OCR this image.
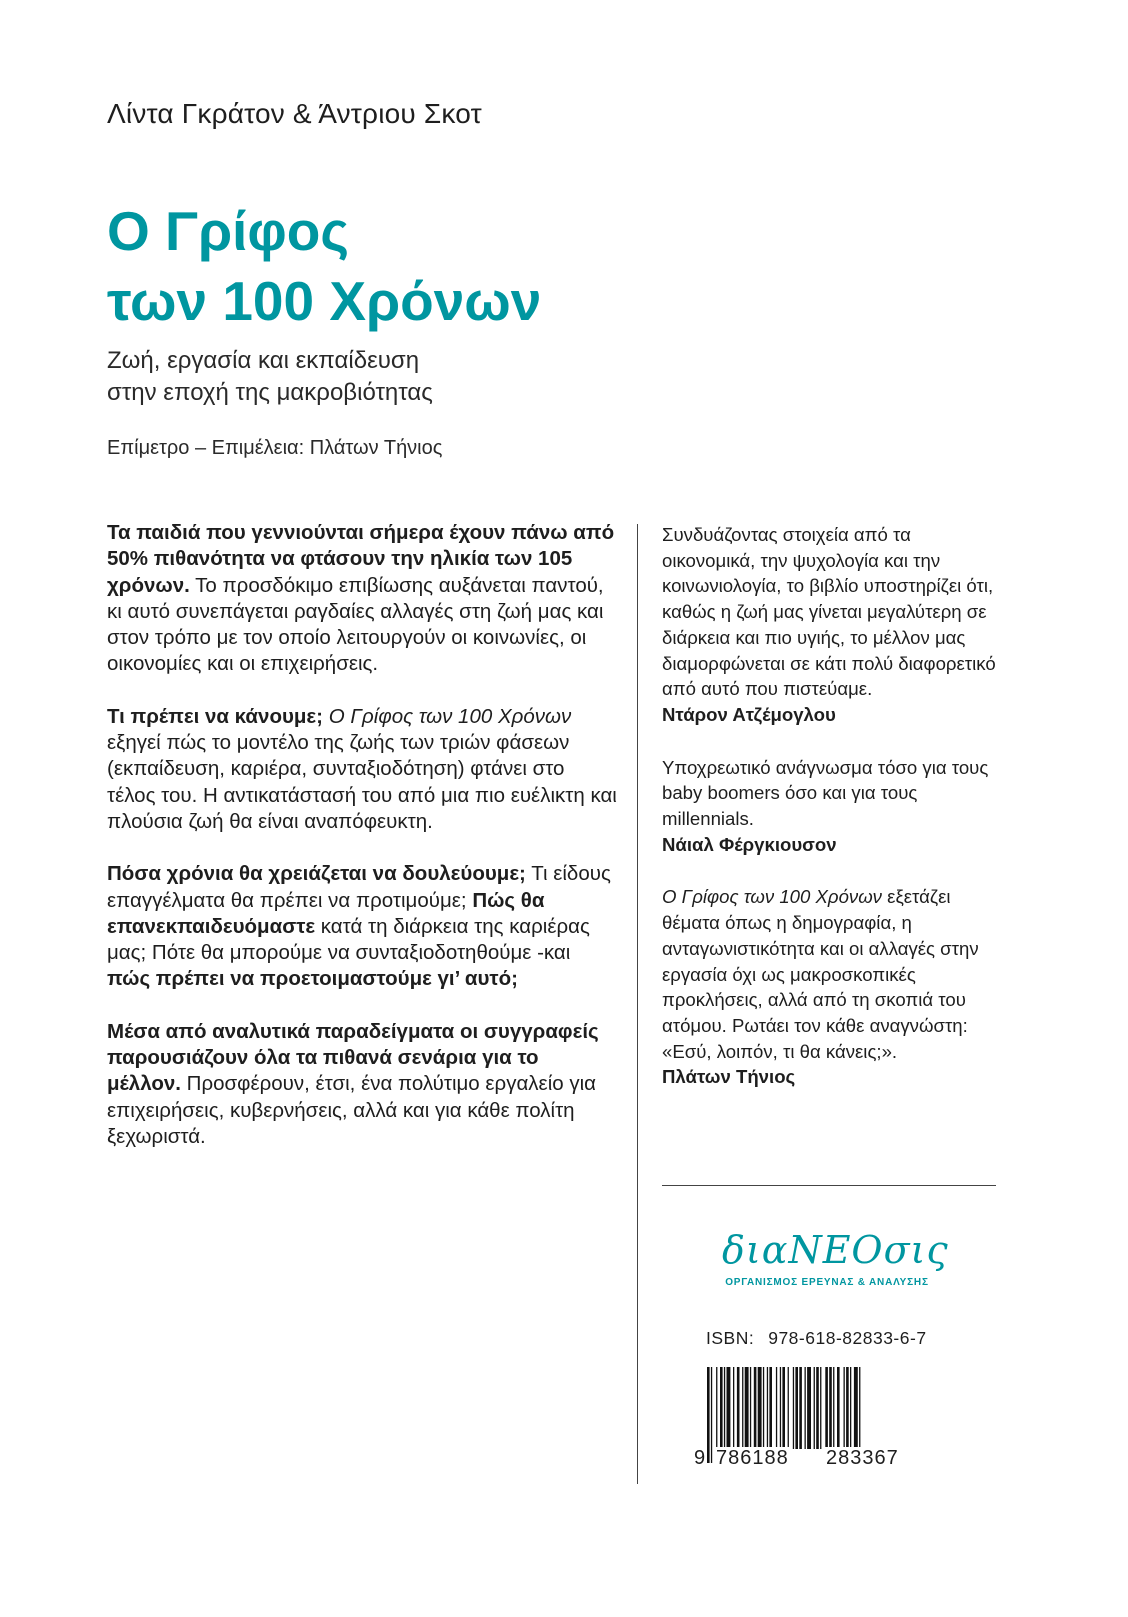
Λίντα Γκράτον & Άντριου Σκοτ
Ο Γρίφος
των 100 Χρόνων
Ζωή, εργασία και εκπαίδευση
στην εποχή της μακροβιότητας
Επίμετρο – Επιμέλεια: Πλάτων Τήνιος

Τα παιδιά που γεννιούνται σήμερα έχουν πάνω από 50% πιθανότητα να φτάσουν την ηλικία των 105 χρόνων. Το προσδόκιμο επιβίωσης αυξάνεται παντού, κι αυτό συνεπάγεται ραγδαίες αλλαγές στη ζωή μας και στον τρόπο με τον οποίο λειτουργούν οι κοινωνίες, οι οικονομίες και οι επιχειρήσεις.

Τι πρέπει να κάνουμε; Ο Γρίφος των 100 Χρόνων εξηγεί πώς το μοντέλο της ζωής των τριών φάσεων (εκπαίδευση, καριέρα, συνταξιοδότηση) φτάνει στο τέλος του. Η αντικατάστασή του από μια πιο ευέλικτη και πλούσια ζωή θα είναι αναπόφευκτη.

Πόσα χρόνια θα χρειάζεται να δουλεύουμε; Τι είδους επαγγέλματα θα πρέπει να προτιμούμε; Πώς θα επανεκπαιδευόμαστε κατά τη διάρκεια της καριέρας μας; Πότε θα μπορούμε να συνταξιοδοτηθούμε -και πώς πρέπει να προετοιμαστούμε γι’ αυτό;

Μέσα από αναλυτικά παραδείγματα οι συγγραφείς παρουσιάζουν όλα τα πιθανά σενάρια για το μέλλον. Προσφέρουν, έτσι, ένα πολύτιμο εργαλείο για επιχειρήσεις, κυβερνήσεις, αλλά και για κάθε πολίτη ξεχωριστά.

Συνδυάζοντας στοιχεία από τα οικονομικά, την ψυχολογία και την κοινωνιολογία, το βιβλίο υποστηρίζει ότι, καθώς η ζωή μας γίνεται μεγαλύτερη σε διάρκεια και πιο υγιής, το μέλλον μας διαμορφώνεται σε κάτι πολύ διαφορετικό από αυτό που πιστεύαμε.
Ντάρον Ατζέμογλου
Υποχρεωτικό ανάγνωσμα τόσο για τους baby boomers όσο και για τους millennials.
Νάιαλ Φέργκιουσον
Ο Γρίφος των 100 Χρόνων εξετάζει θέματα όπως η δημογραφία, η ανταγωνιστικότητα και οι αλλαγές στην εργασία όχι ως μακροσκοπικές προκλήσεις, αλλά από τη σκοπιά του ατόμου. Ρωτάει τον κάθε αναγνώστη: «Εσύ, λοιπόν, τι θα κάνεις;».
Πλάτων Τήνιος
διαΝΕΟσις
ΟΡΓΑΝΙΣΜΟΣ ΕΡΕΥΝΑΣ & ΑΝΑΛΥΣΗΣ
ISBN: 978-618-82833-6-7
9 786188 283367
